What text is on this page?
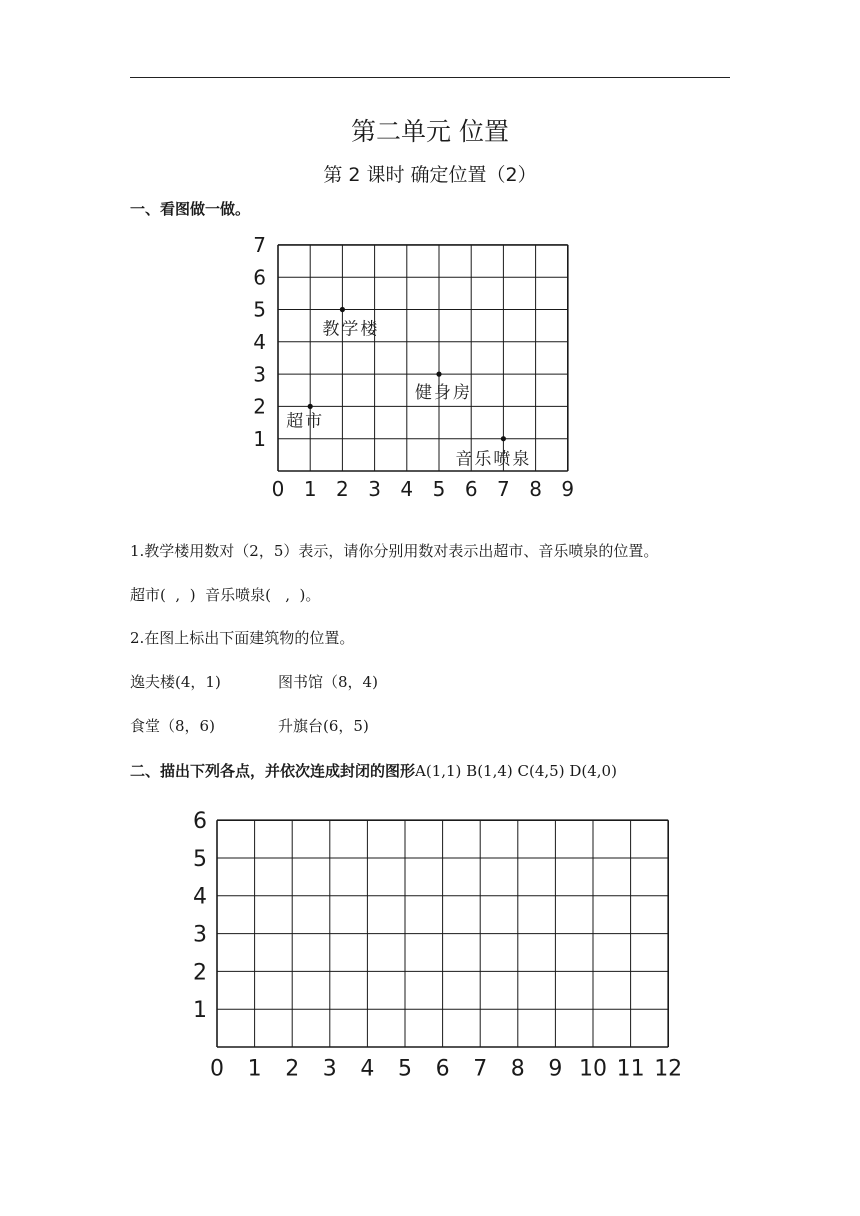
第二单元 位置
第 2 课时 确定位置（2）
一、看图做一做。
0 1 2 3 4 5 6 7 8 9
1
2
3
4
5
6
7
教学楼
超市
健身房
音乐喷泉
0 1 2 3 4 5 6 7 8 9 10 11 12
1
2
3
4
5
6
1.教学楼用数对（2，5）表示，请你分别用数对表示出超市、音乐喷泉的位置。
超市(  ,  )  音乐喷泉(   ,  )。
2.在图上标出下面建筑物的位置。
逸夫楼(4，1)	图书馆（8，4)
食堂（8，6)	升旗台(6，5)
二、描出下列各点，并依次连成封闭的图形A(1,1) B(1,4) C(4,5) D(4,0)
